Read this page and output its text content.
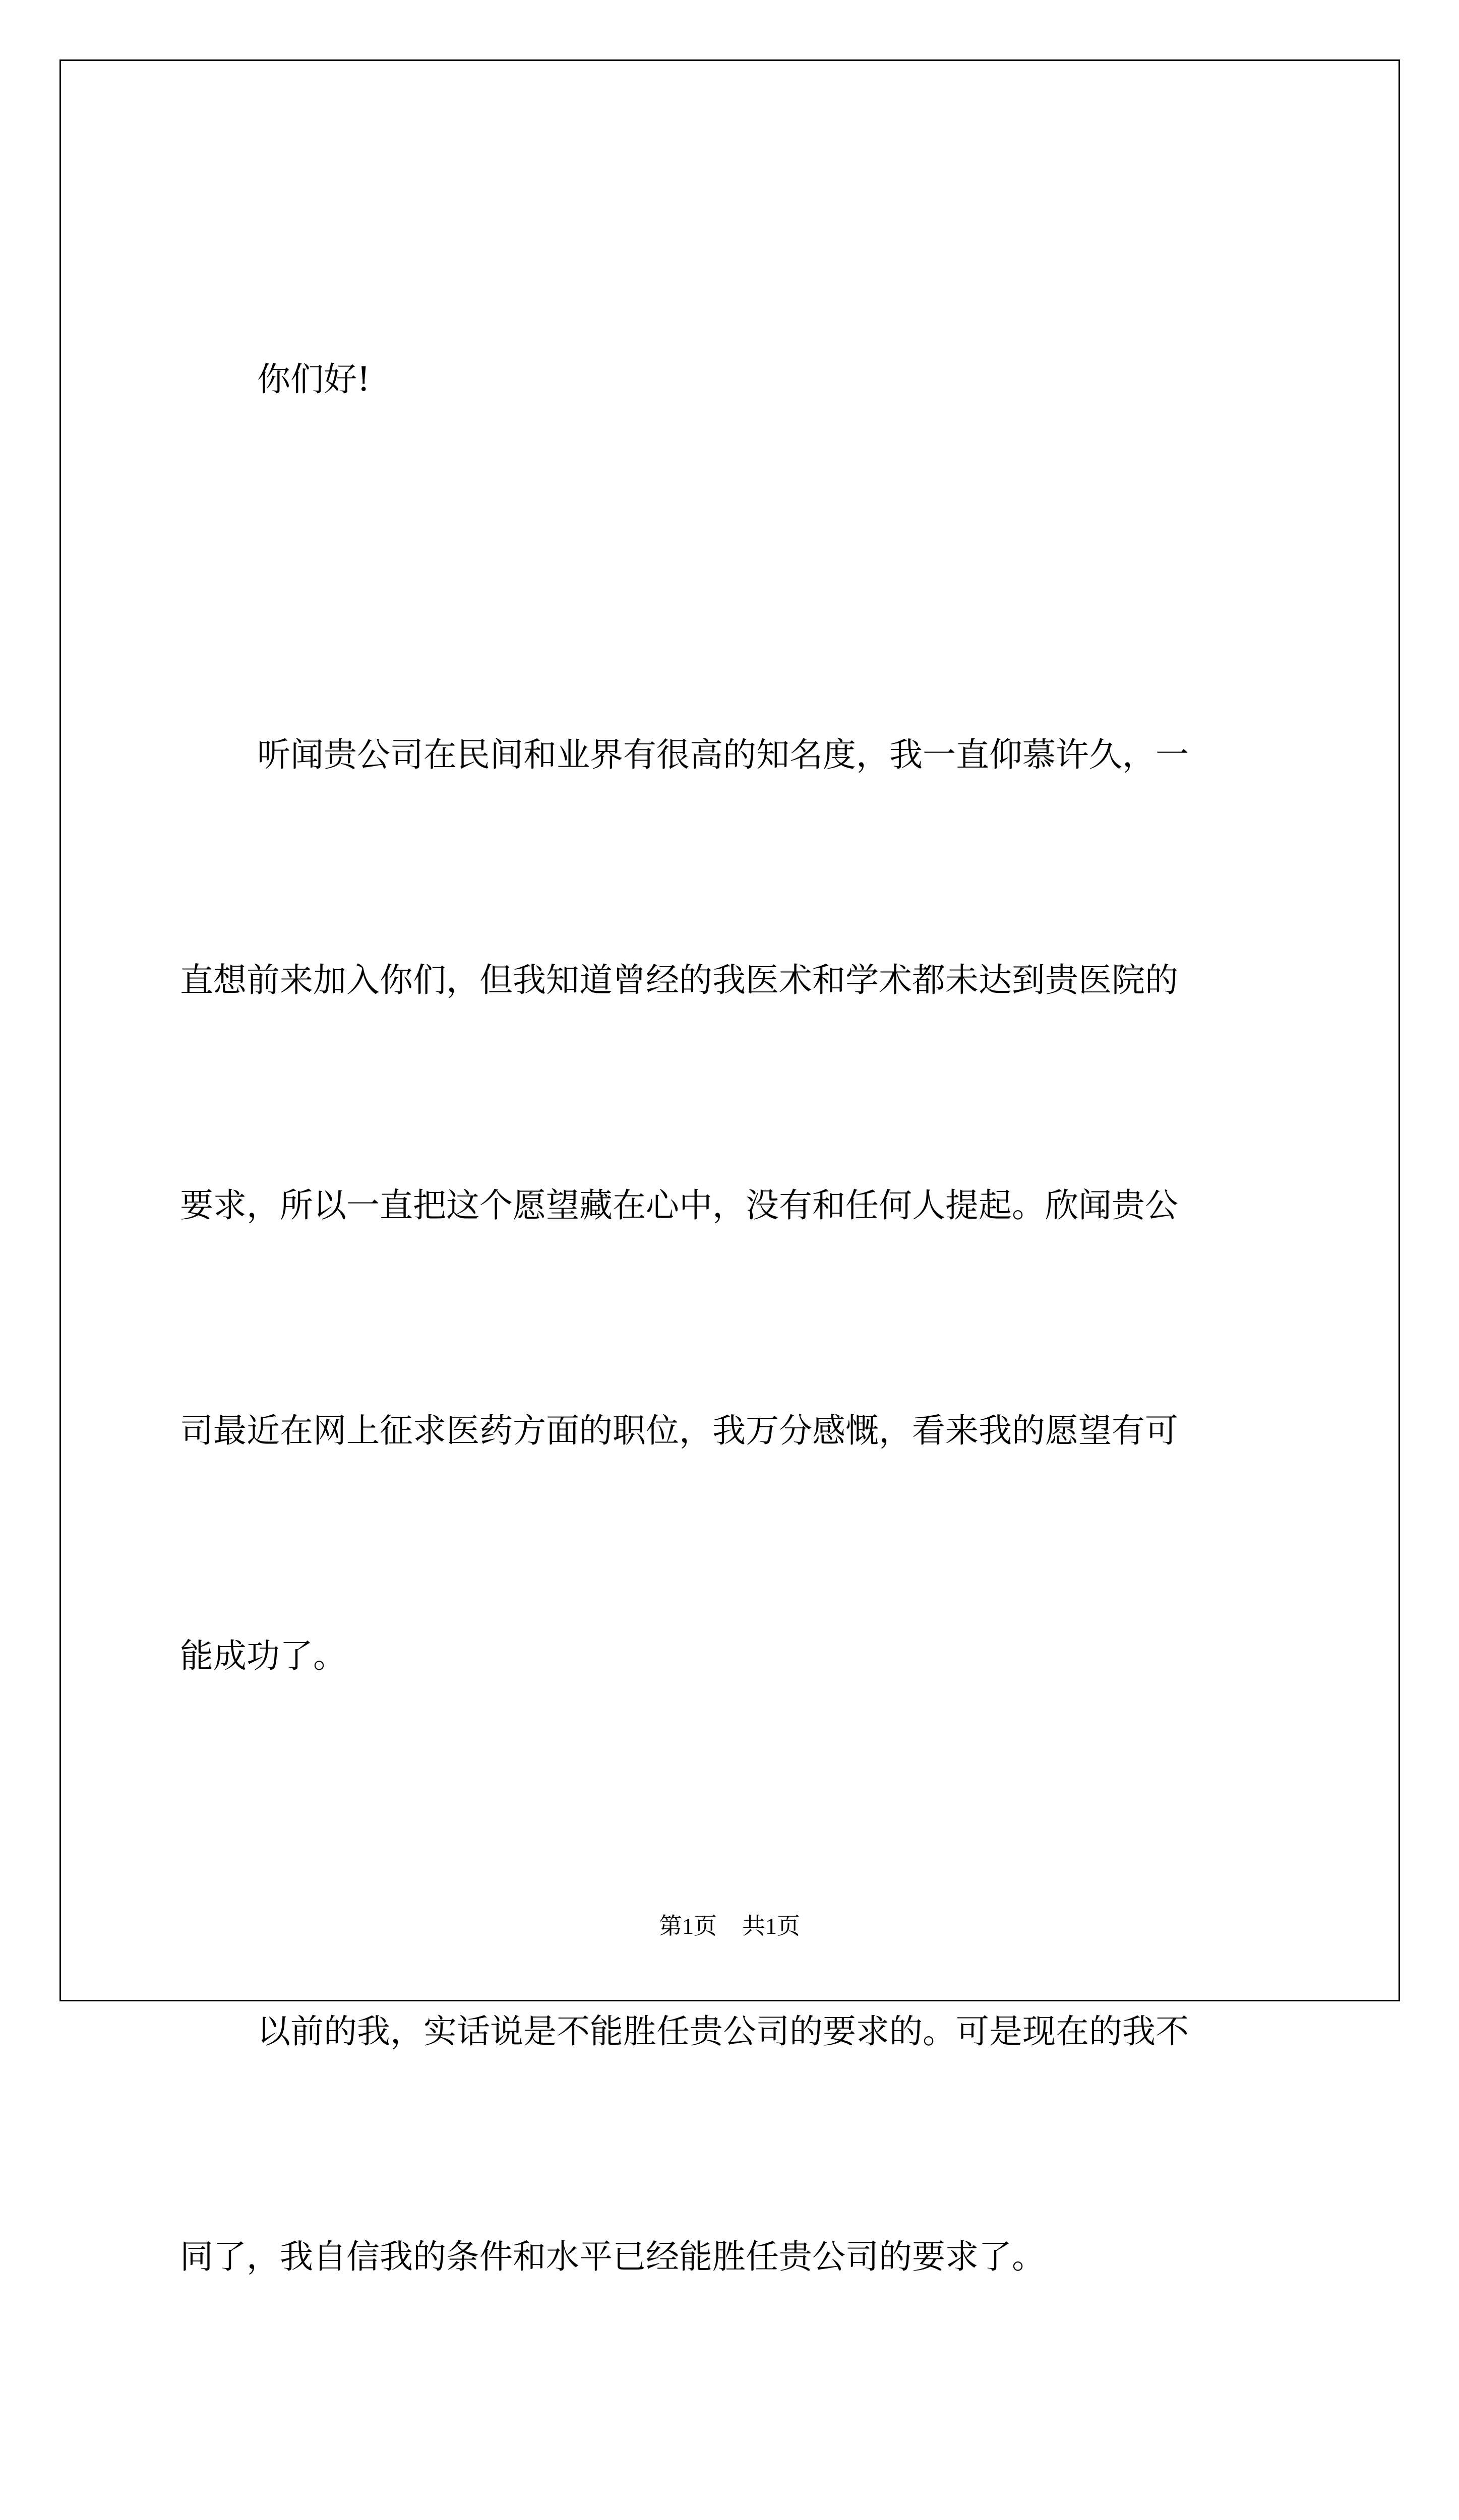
你们好!

听闻贵公司在民间和业界有很高的知名度，我一直仰慕许久，一

直想前来加入你们，但我知道曾经的我医术和学术都未达到贵医院的

要求，所以一直把这个愿望藏在心中，没有和任何人提起。欣闻贵公

司最近在网上征求医药方面的职位，我万分感慨，看来我的愿望有可

能成功了。

以前的我，实话说是不能胜任贵公司的要求的。可是现在的我不

同了，我自信我的条件和水平已经能胜任贵公司的要求了。

第1页 共1页
